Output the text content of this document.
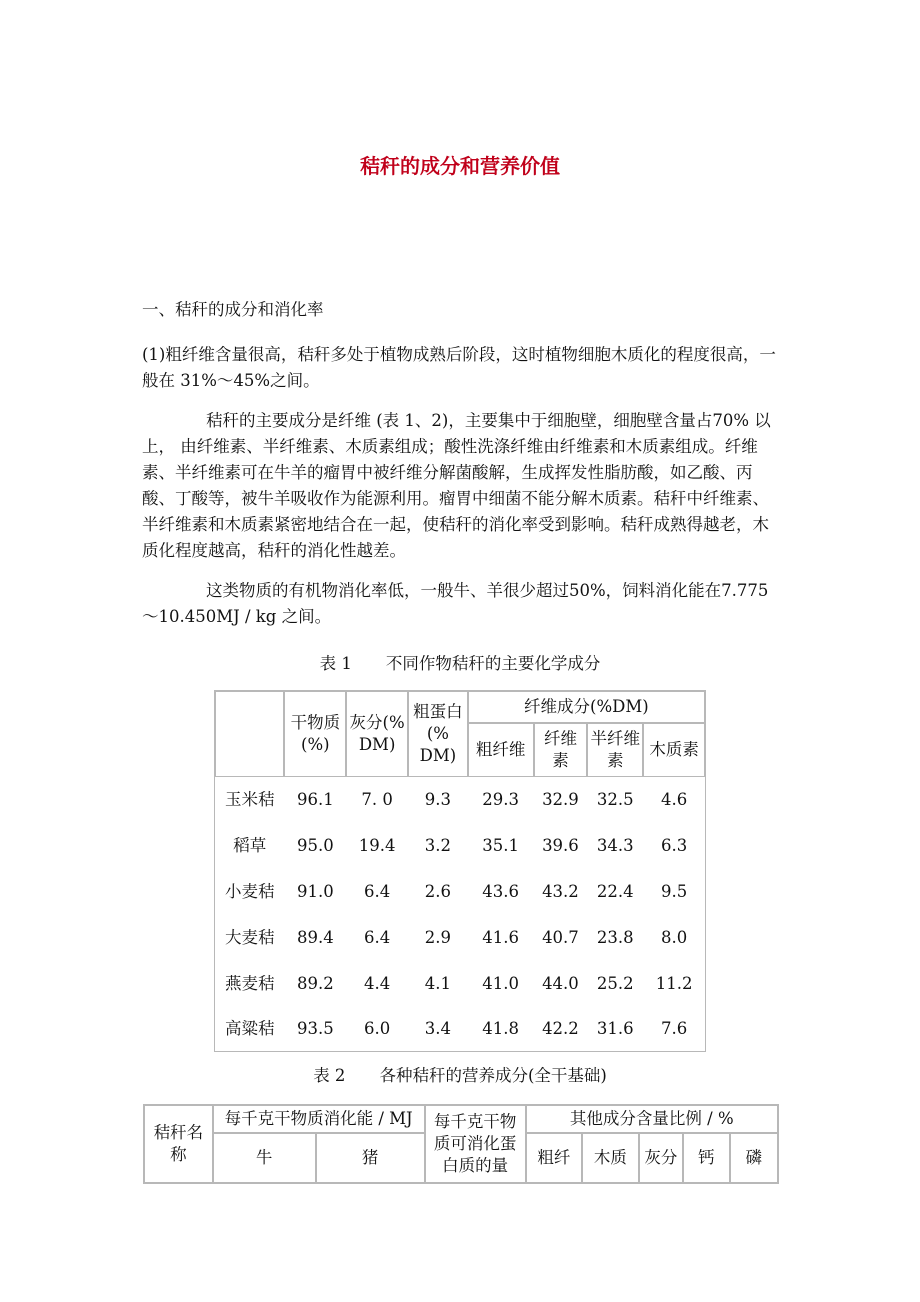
秸秆的成分和营养价值
一、秸秆的成分和消化率
(1)粗纤维含量很高，秸秆多处于植物成熟后阶段，这时植物细胞木质化的程度很高，一般在 31%～45%之间。
秸秆的主要成分是纤维 (表 1、2)，主要集中于细胞壁，细胞壁含量占70% 以上， 由纤维素、半纤维素、木质素组成；酸性洗涤纤维由纤维素和木质素组成。纤维素、半纤维素可在牛羊的瘤胃中被纤维分解菌酸解，生成挥发性脂肪酸，如乙酸、丙酸、丁酸等，被牛羊吸收作为能源利用。瘤胃中细菌不能分解木质素。秸秆中纤维素、半纤维素和木质素紧密地结合在一起，使秸秆的消化率受到影响。秸秆成熟得越老，木质化程度越高，秸秆的消化性越差。
这类物质的有机物消化率低，一般牛、羊很少超过50%，饲料消化能在7.775～10.450MJ / kg 之间。
表 1 不同作物秸秆的主要化学成分
	干物质 (%)	灰分(% DM)	粗蛋白(% DM)	纤维成分(%DM)			
				粗纤维	纤维素	半纤维素	木质素
玉米秸	96.1	7. 0	9.3	29.3	32.9	32.5	4.6
稻草	95.0	19.4	3.2	35.1	39.6	34.3	6.3
小麦秸	91.0	6.4	2.6	43.6	43.2	22.4	9.5
大麦秸	89.4	6.4	2.9	41.6	40.7	23.8	8.0
燕麦秸	89.2	4.4	4.1	41.0	44.0	25.2	11.2
高粱秸	93.5	6.0	3.4	41.8	42.2	31.6	7.6
表 2 各种秸秆的营养成分(全干基础)
秸秆名称	每千克干物质消化能 / MJ		每千克干物质可消化蛋白质的量	其他成分含量比例 / %				
	牛	猪		粗纤	木质	灰分	钙	磷
